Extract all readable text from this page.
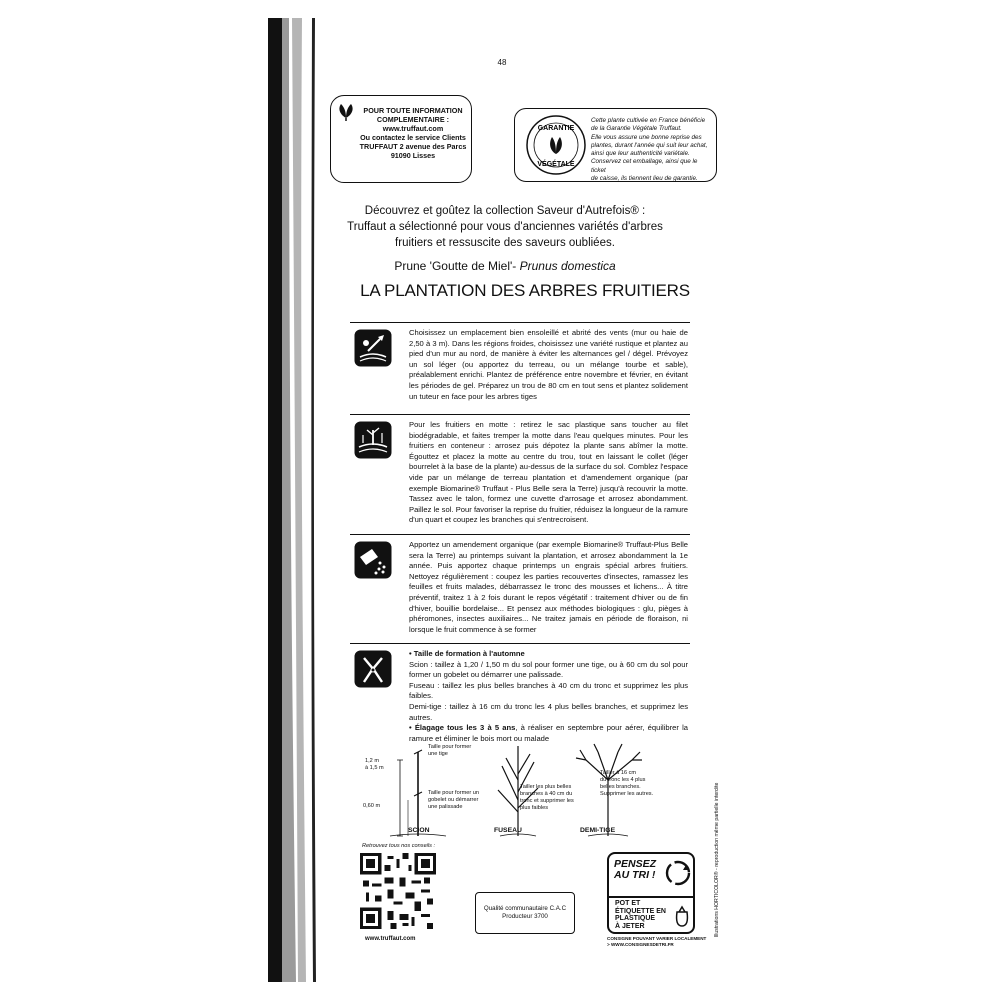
48
POUR TOUTE INFORMATION
COMPLEMENTAIRE :
www.truffaut.com
Ou contactez le service Clients
TRUFFAUT 2 avenue des Parcs
91090 Lisses
GARANTIE
VÉGÉTALE
Cette plante cultivée en France bénéficie
de la Garantie Végétale Truffaut.
Elle vous assure une bonne reprise des
plantes, durant l'année qui suit leur achat,
ainsi que leur authenticité variétale.
Conservez cet emballage, ainsi que le ticket
de caisse, ils tiennent lieu de garantie.
Découvrez et goûtez la collection Saveur d'Autrefois® :
Truffaut a sélectionné pour vous d'anciennes variétés d'arbres
fruitiers et ressuscite des saveurs oubliées.
Prune 'Goutte de Miel'- Prunus domestica
LA PLANTATION DES ARBRES FRUITIERS
Choisissez un emplacement bien ensoleillé et abrité des vents (mur ou haie de 2,50 à 3 m). Dans les régions froides, choisissez une variété rustique et plantez au pied d'un mur au nord, de manière à éviter les alternances gel / dégel. Prévoyez un sol léger (ou apportez du terreau, ou un mélange tourbe et sable), préalablement enrichi. Plantez de préférence entre novembre et février, en évitant les périodes de gel. Préparez un trou de 80 cm en tout sens et plantez solidement un tuteur en face pour les arbres tiges
Pour les fruitiers en motte : retirez le sac plastique sans toucher au filet biodégradable, et faites tremper la motte dans l'eau quelques minutes. Pour les fruitiers en conteneur : arrosez puis dépotez la plante sans abîmer la motte. Égouttez et placez la motte au centre du trou, tout en laissant le collet (léger bourrelet à la base de la plante) au-dessus de la surface du sol. Comblez l'espace vide par un mélange de terreau plantation et d'amendement organique (par exemple Biomarine® Truffaut - Plus Belle sera la Terre) jusqu'à recouvrir la motte. Tassez avec le talon, formez une cuvette d'arrosage et arrosez abondamment. Paillez le sol. Pour favoriser la reprise du fruitier, réduisez la longueur de la ramure d'un quart et coupez les branches qui s'entrecroisent.
Apportez un amendement organique (par exemple Biomarine® Truffaut-Plus Belle sera la Terre) au printemps suivant la plantation, et arrosez abondamment la 1e année. Puis apportez chaque printemps un engrais spécial arbres fruitiers. Nettoyez régulièrement : coupez les parties recouvertes d'insectes, ramassez les feuilles et fruits malades, débarrassez le tronc des mousses et lichens... À titre préventif, traitez 1 à 2 fois durant le repos végétatif : traitement d'hiver ou de fin d'hiver, bouillie bordelaise... Et pensez aux méthodes biologiques : glu, pièges à phéromones, insectes auxiliaires... Ne traitez jamais en période de floraison, ni lorsque le fruit commence à se former
• Taille de formation à l'automne
Scion : taillez à 1,20 / 1,50 m du sol pour former une tige, ou à 60 cm du sol pour former un gobelet ou démarrer une palissade.
Fuseau : taillez les plus belles branches à 40 cm du tronc et supprimez les plus faibles.
Demi-tige : taillez à 16 cm du tronc les 4 plus belles branches, et supprimez les autres.
• Élagage tous les 3 à 5 ans, à réaliser en septembre pour aérer, équilibrer la ramure et éliminer le bois mort ou malade
1,2 m
à 1,5 m
0,60 m
Taille pour former
une tige
Taille pour former un
gobelet ou démarrer
une palissade
Tailler les plus belles
branches à 40 cm du
tronc et supprimer les
plus faibles
Tailler à 16 cm
du tronc les 4 plus
belles branches.
Supprimer les autres.
SCION	FUSEAU	DEMI-TIGE
Retrouvez tous nos conseils :
www.truffaut.com
Qualité communautaire C.A.C
Producteur 3700
PENSEZ
AU TRI !
POT ET
ÉTIQUETTE EN
PLASTIQUE
À JETER
CONSIGNE POUVANT VARIER LOCALEMENT
> WWW.CONSIGNESDETRI.FR
Illustrations HORTICOLOR® - reproduction même partielle interdite
